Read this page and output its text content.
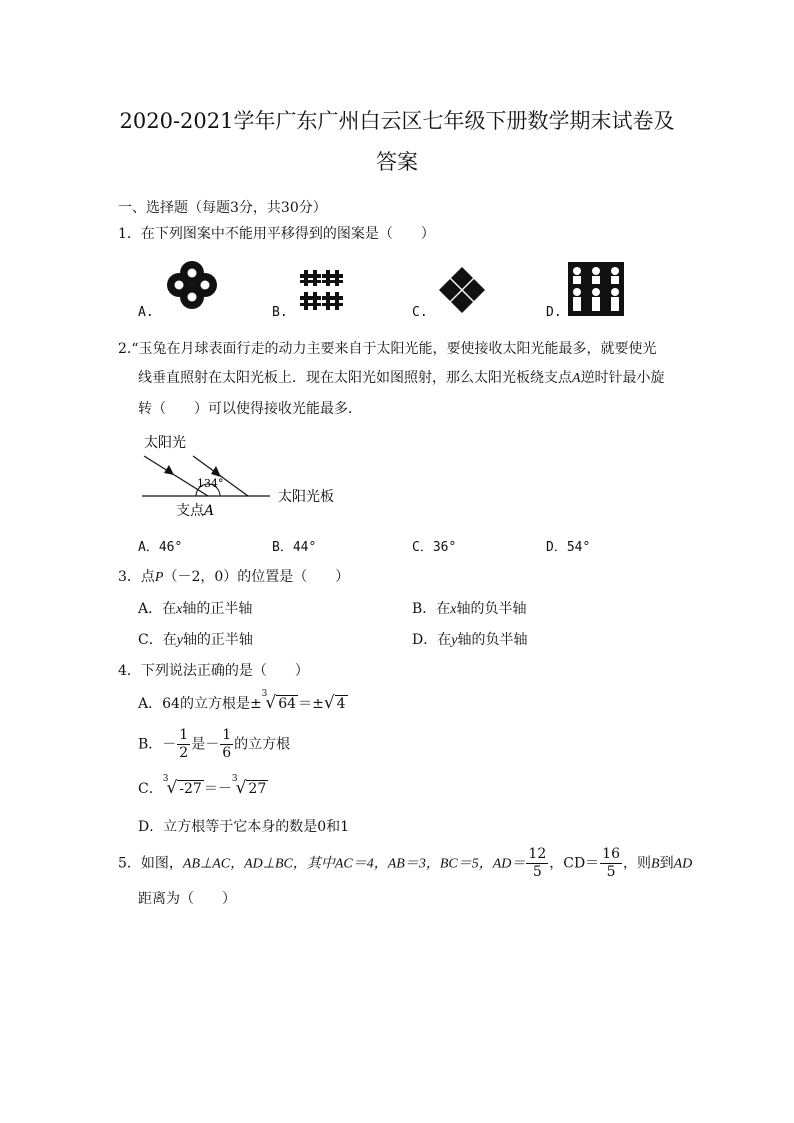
2020-2021学年广东广州白云区七年级下册数学期末试卷及
答案
一、选择题（每题3分，共30分）
1．在下列图案中不能用平移得到的图案是（　　）
A.	B.	C.	D.
2.“玉兔在月球表面行走的动力主要来自于太阳光能，要使接收太阳光能最多，就要使光
线垂直照射在太阳光板上．现在太阳光如图照射，那么太阳光板绕支点A逆时针最小旋
转（　　）可以使得接收光能最多．
太阳光
134°
太阳光板
支点A
A．46°	B．44°	C．36°	D．54°
3．点P（－2，0）的位置是（　　）
A．在x轴的正半轴	B．在x轴的负半轴
C．在y轴的正半轴	D．在y轴的负半轴
4．下列说法正确的是（　　）
A．64的立方根是±$^3$√ 64 ＝±√ 4
B．－ $\frac{1}{2}$ 是－ $\frac{1}{6}$ 的立方根
C．$^3$√ -27 ＝－$^3$√ 27
D．立方根等于它本身的数是0和1
5．如图，AB⊥AC，AD⊥BC，其中AC＝4，AB＝3，BC＝5，$AD= \frac{12}{5}$ ，$CD= \frac{16}{5}$ ，则B到AD
距离为（　　）
